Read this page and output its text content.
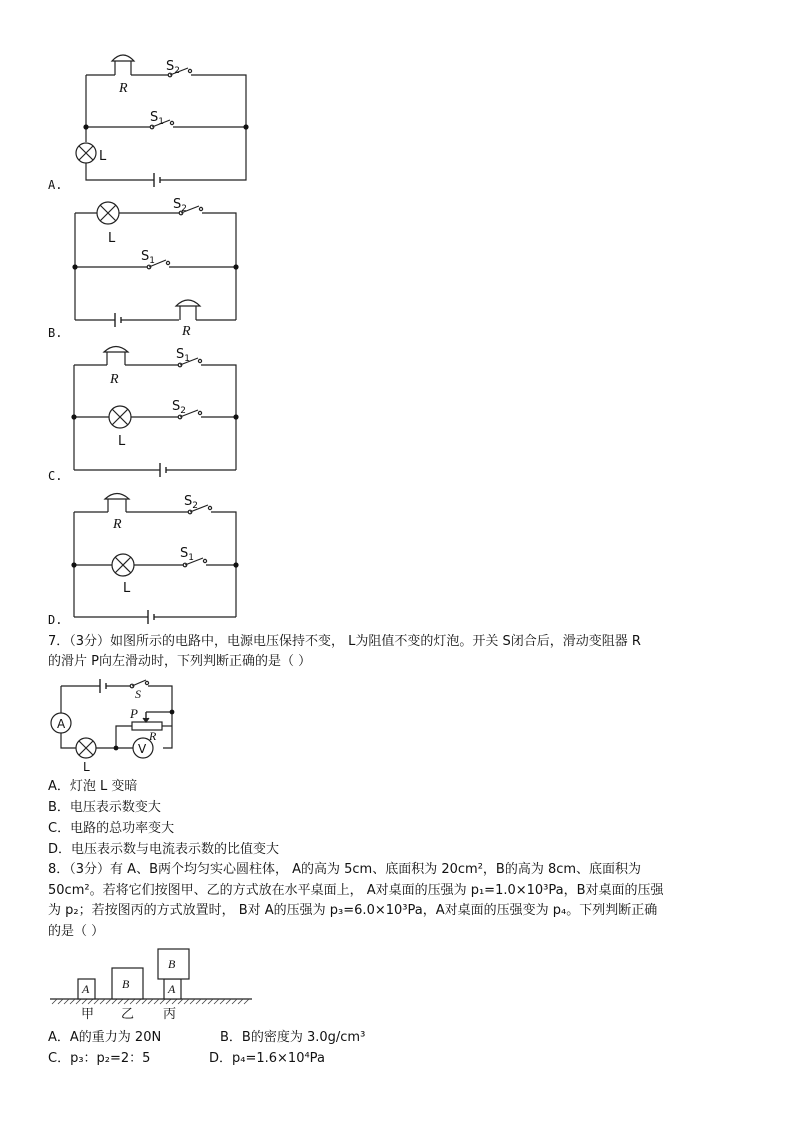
R
$S_2$
$S_1$
L
A.
L
$S_2$
$S_1$
R
B.
R
$S_1$
$S_2$
L
C.
R
$S_2$
$S_1$
L
D.
7．（3分）如图所示的电路中，电源电压保持不变， L为阻值不变的灯泡。开关 S闭合后，滑动变阻器 R
的滑片 P向左滑动时，下列判断正确的是（ ）
A
V
S
P
R
L
A．灯泡 L 变暗
B．电压表示数变大
C．电路的总功率变大
D．电压表示数与电流表示数的比值变大
8．（3分）有 A、B两个均匀实心圆柱体， A的高为 5cm、底面积为 20cm²，B的高为 8cm、底面积为
50cm²。若将它们按图甲、乙的方式放在水平桌面上， A对桌面的压强为 p₁=1.0×10³Pa，B对桌面的压强
为 p₂；若按图丙的方式放置时， B对 A的压强为 p₃=6.0×10³Pa，A对桌面的压强变为 p₄。下列判断正确
的是（ ）
A	B	A
B
甲 乙 丙
A．A的重力为 20N	B．B的密度为 3.0g/cm³
C．p₃：p₂=2：5	D．p₄=1.6×10⁴Pa
